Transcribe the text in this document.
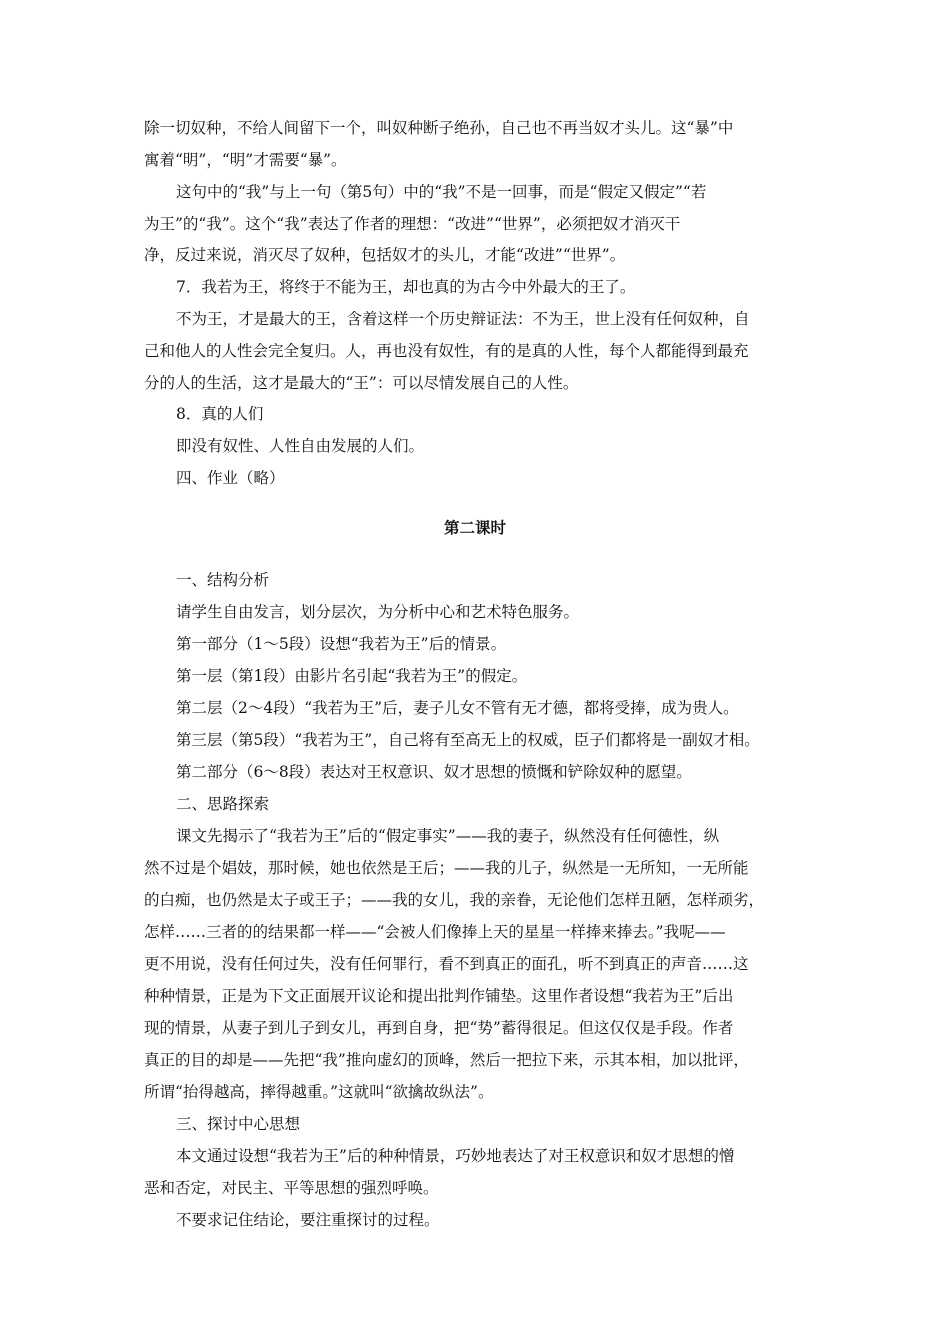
除一切奴种，不给人间留下一个，叫奴种断子绝孙，自己也不再当奴才头儿。这“暴”中
寓着“明”，“明”才需要“暴”。
这句中的“我”与上一句（第5句）中的“我”不是一回事，而是“假定又假定”“若
为王”的“我”。这个“我”表达了作者的理想：“改进”“世界”，必须把奴才消灭干
净，反过来说，消灭尽了奴种，包括奴才的头儿，才能“改进”“世界”。
7．我若为王，将终于不能为王，却也真的为古今中外最大的王了。
不为王，才是最大的王，含着这样一个历史辩证法：不为王，世上没有任何奴种，自
己和他人的人性会完全复归。人，再也没有奴性，有的是真的人性，每个人都能得到最充
分的人的生活，这才是最大的“王”：可以尽情发展自己的人性。
8．真的人们
即没有奴性、人性自由发展的人们。
四、作业（略）
第二课时
一、结构分析
请学生自由发言，划分层次，为分析中心和艺术特色服务。
第一部分（1～5段）设想“我若为王”后的情景。
第一层（第1段）由影片名引起“我若为王”的假定。
第二层（2～4段）“我若为王”后，妻子儿女不管有无才德，都将受捧，成为贵人。
第三层（第5段）“我若为王”，自己将有至高无上的权威，臣子们都将是一副奴才相。
第二部分（6～8段）表达对王权意识、奴才思想的愤慨和铲除奴种的愿望。
二、思路探索
课文先揭示了“我若为王”后的“假定事实”——我的妻子，纵然没有任何德性，纵
然不过是个娼妓，那时候，她也依然是王后；——我的儿子，纵然是一无所知，一无所能
的白痴，也仍然是太子或王子；——我的女儿，我的亲眷，无论他们怎样丑陋，怎样顽劣，
怎样……三者的的结果都一样——“会被人们像捧上天的星星一样捧来捧去。”我呢——
更不用说，没有任何过失，没有任何罪行，看不到真正的面孔，听不到真正的声音……这
种种情景，正是为下文正面展开议论和提出批判作铺垫。这里作者设想“我若为王”后出
现的情景，从妻子到儿子到女儿，再到自身，把“势”蓄得很足。但这仅仅是手段。作者
真正的目的却是——先把“我”推向虚幻的顶峰，然后一把拉下来，示其本相，加以批评，
所谓“抬得越高，摔得越重。”这就叫“欲擒故纵法”。
三、探讨中心思想
本文通过设想“我若为王”后的种种情景，巧妙地表达了对王权意识和奴才思想的憎
恶和否定，对民主、平等思想的强烈呼唤。
不要求记住结论，要注重探讨的过程。
